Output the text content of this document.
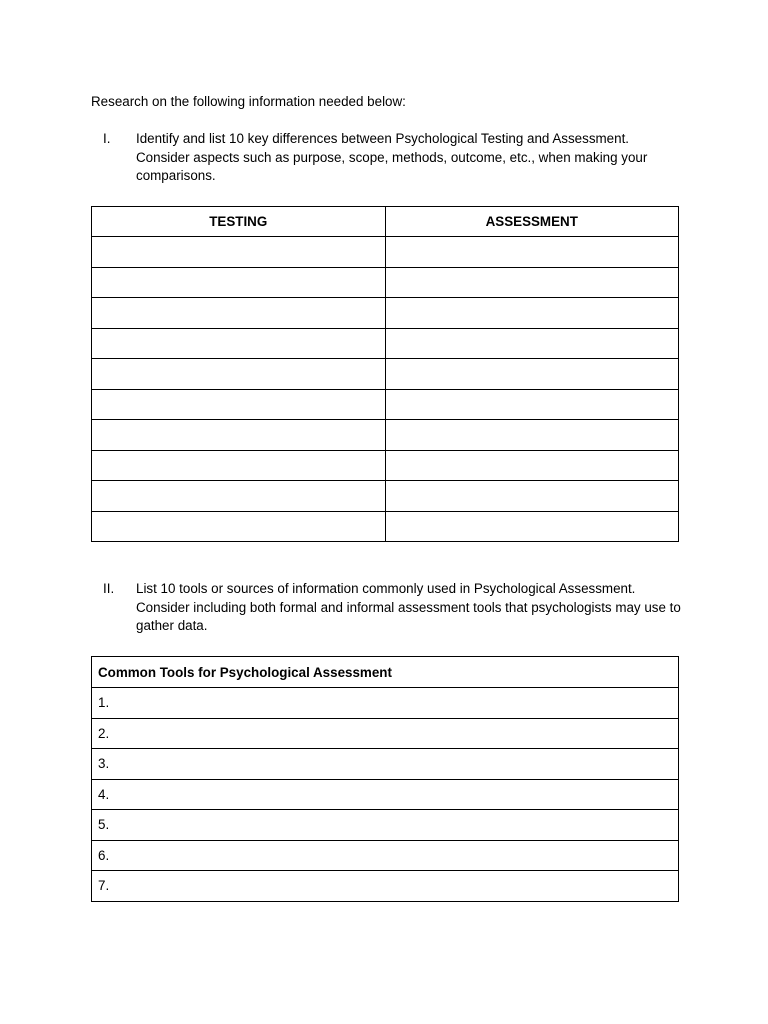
Research on the following information needed below:

I. Identify and list 10 key differences between Psychological Testing and Assessment. Consider aspects such as purpose, scope, methods, outcome, etc., when making your comparisons.

TESTING	ASSESSMENT

II. List 10 tools or sources of information commonly used in Psychological Assessment. Consider including both formal and informal assessment tools that psychologists may use to gather data.

Common Tools for Psychological Assessment
1.
2.
3.
4.
5.
6.
7.
